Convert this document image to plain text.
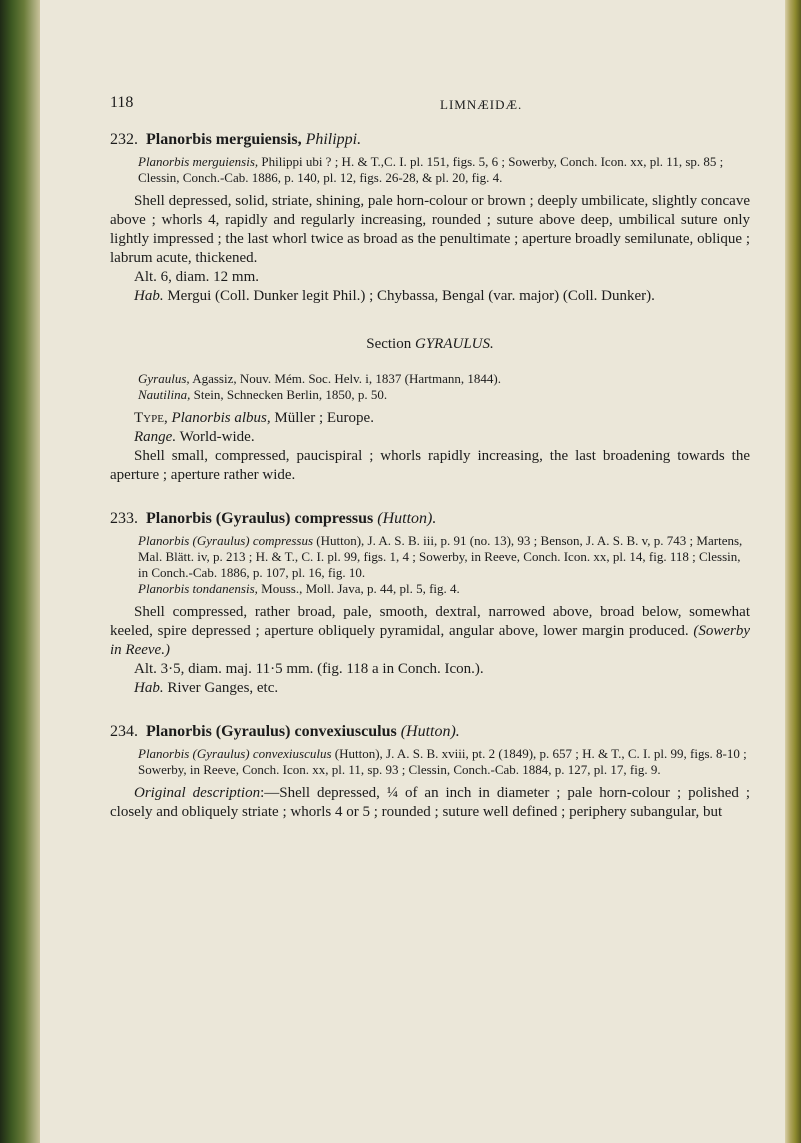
118	LIMNÆIDÆ.

232. Planorbis merguiensis, Philippi.

Planorbis merguiensis, Philippi ubi ? ; H. & T.,C. I. pl. 151, figs. 5, 6 ; Sowerby, Conch. Icon. xx, pl. 11, sp. 85 ; Clessin, Conch.-Cab. 1886, p. 140, pl. 12, figs. 26-28, & pl. 20, fig. 4.

Shell depressed, solid, striate, shining, pale horn-colour or brown ; deeply umbilicate, slightly concave above ; whorls 4, rapidly and regularly increasing, rounded ; suture above deep, umbilical suture only lightly impressed ; the last whorl twice as broad as the penultimate ; aperture broadly semilunate, oblique ; labrum acute, thickened.

Alt. 6, diam. 12 mm.

Hab. Mergui (Coll. Dunker legit Phil.) ; Chybassa, Bengal (var. major) (Coll. Dunker).

Section GYRAULUS.

Gyraulus, Agassiz, Nouv. Mém. Soc. Helv. i, 1837 (Hartmann, 1844).

Nautilina, Stein, Schnecken Berlin, 1850, p. 50.

Type, Planorbis albus, Müller ; Europe.

Range. World-wide.

Shell small, compressed, paucispiral ; whorls rapidly increasing, the last broadening towards the aperture ; aperture rather wide.

233. Planorbis (Gyraulus) compressus (Hutton).

Planorbis (Gyraulus) compressus (Hutton), J. A. S. B. iii, p. 91 (no. 13), 93 ; Benson, J. A. S. B. v, p. 743 ; Martens, Mal. Blätt. iv, p. 213 ; H. & T., C. I. pl. 99, figs. 1, 4 ; Sowerby, in Reeve, Conch. Icon. xx, pl. 14, fig. 118 ; Clessin, in Conch.-Cab. 1886, p. 107, pl. 16, fig. 10.

Planorbis tondanensis, Mouss., Moll. Java, p. 44, pl. 5, fig. 4.

Shell compressed, rather broad, pale, smooth, dextral, narrowed above, broad below, somewhat keeled, spire depressed ; aperture obliquely pyramidal, angular above, lower margin produced. (Sowerby in Reeve.)

Alt. 3·5, diam. maj. 11·5 mm. (fig. 118 a in Conch. Icon.).

Hab. River Ganges, etc.

234. Planorbis (Gyraulus) convexiusculus (Hutton).

Planorbis (Gyraulus) convexiusculus (Hutton), J. A. S. B. xviii, pt. 2 (1849), p. 657 ; H. & T., C. I. pl. 99, figs. 8-10 ; Sowerby, in Reeve, Conch. Icon. xx, pl. 11, sp. 93 ; Clessin, Conch.-Cab. 1884, p. 127, pl. 17, fig. 9.

Original description:—Shell depressed, ¼ of an inch in diameter ; pale horn-colour ; polished ; closely and obliquely striate ; whorls 4 or 5 ; rounded ; suture well defined ; periphery subangular, but
